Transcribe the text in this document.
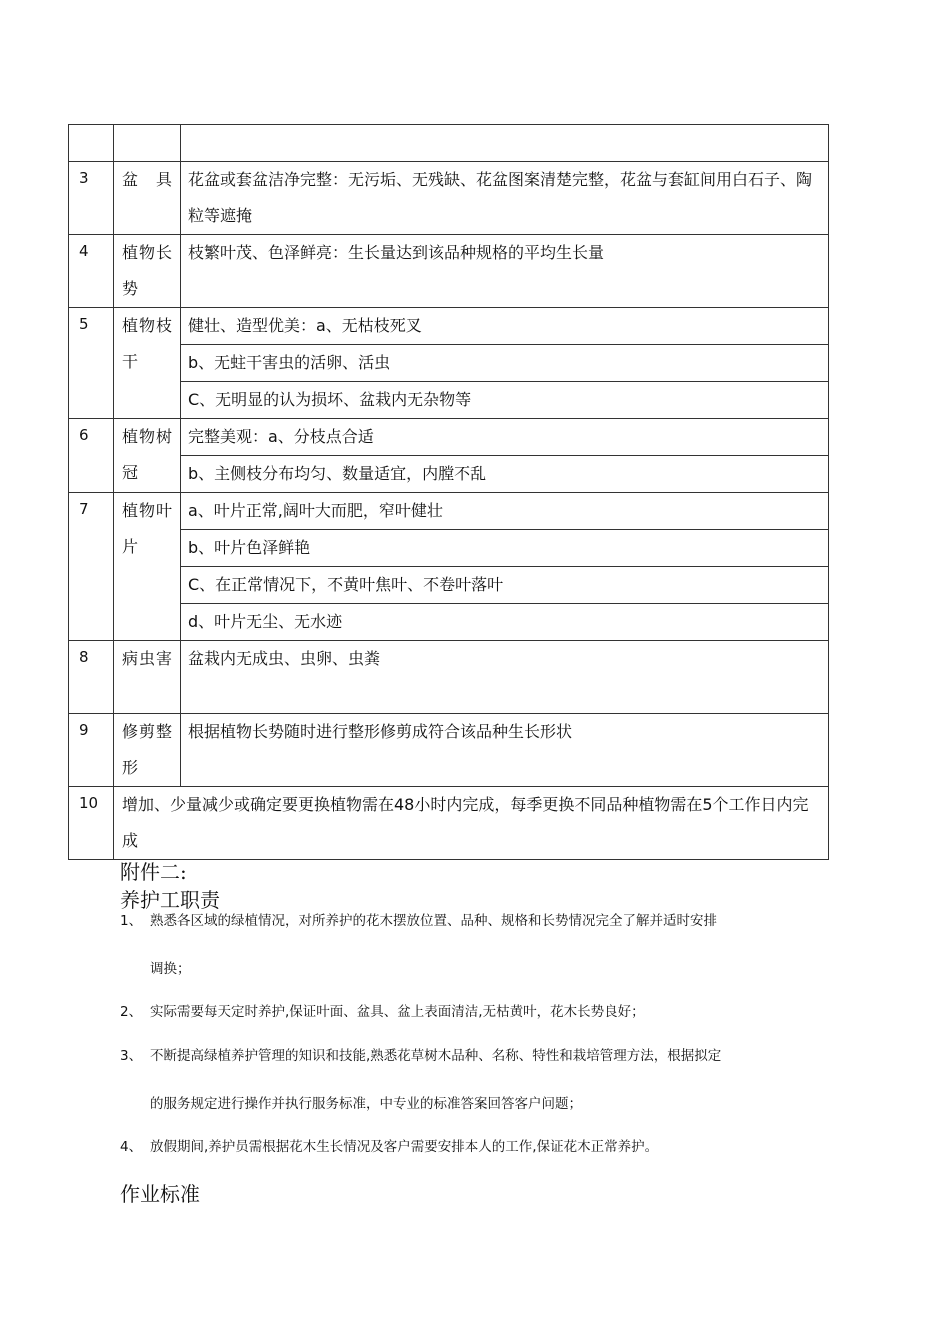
3	盆具	花盆或套盆洁净完整：无污垢、无残缺、花盆图案清楚完整，花盆与套缸间用白石子、陶粒等遮掩
4	植物长势	枝繁叶茂、色泽鲜亮：生长量达到该品种规格的平均生长量
5	植物枝干	健壮、造型优美：a、无枯枝死叉
		b、无蛀干害虫的活卵、活虫
		C、无明显的认为损坏、盆栽内无杂物等
6	植物树冠	完整美观：a、分枝点合适
		b、主侧枝分布均匀、数量适宜，内膛不乱
7	植物叶片	a、叶片正常,阔叶大而肥，窄叶健壮
		b、叶片色泽鲜艳
		C、在正常情况下，不黄叶焦叶、不卷叶落叶
		d、叶片无尘、无水迹
8	病虫害	盆栽内无成虫、虫卵、虫粪
9	修剪整形	根据植物长势随时进行整形修剪成符合该品种生长形状
10	增加、少量减少或确定要更换植物需在48小时内完成，每季更换不同品种植物需在5个工作日内完成	
附件二:
养护工职责
1、 熟悉各区域的绿植情况，对所养护的花木摆放位置、品种、规格和长势情况完全了解并适时安排
调换；
2、 实际需要每天定时养护,保证叶面、盆具、盆上表面清洁,无枯黄叶，花木长势良好；
3、 不断提高绿植养护管理的知识和技能,熟悉花草树木品种、名称、特性和栽培管理方法，根据拟定
的服务规定进行操作并执行服务标准，中专业的标准答案回答客户问题；
4、 放假期间,养护员需根据花木生长情况及客户需要安排本人的工作,保证花木正常养护。
作业标准
